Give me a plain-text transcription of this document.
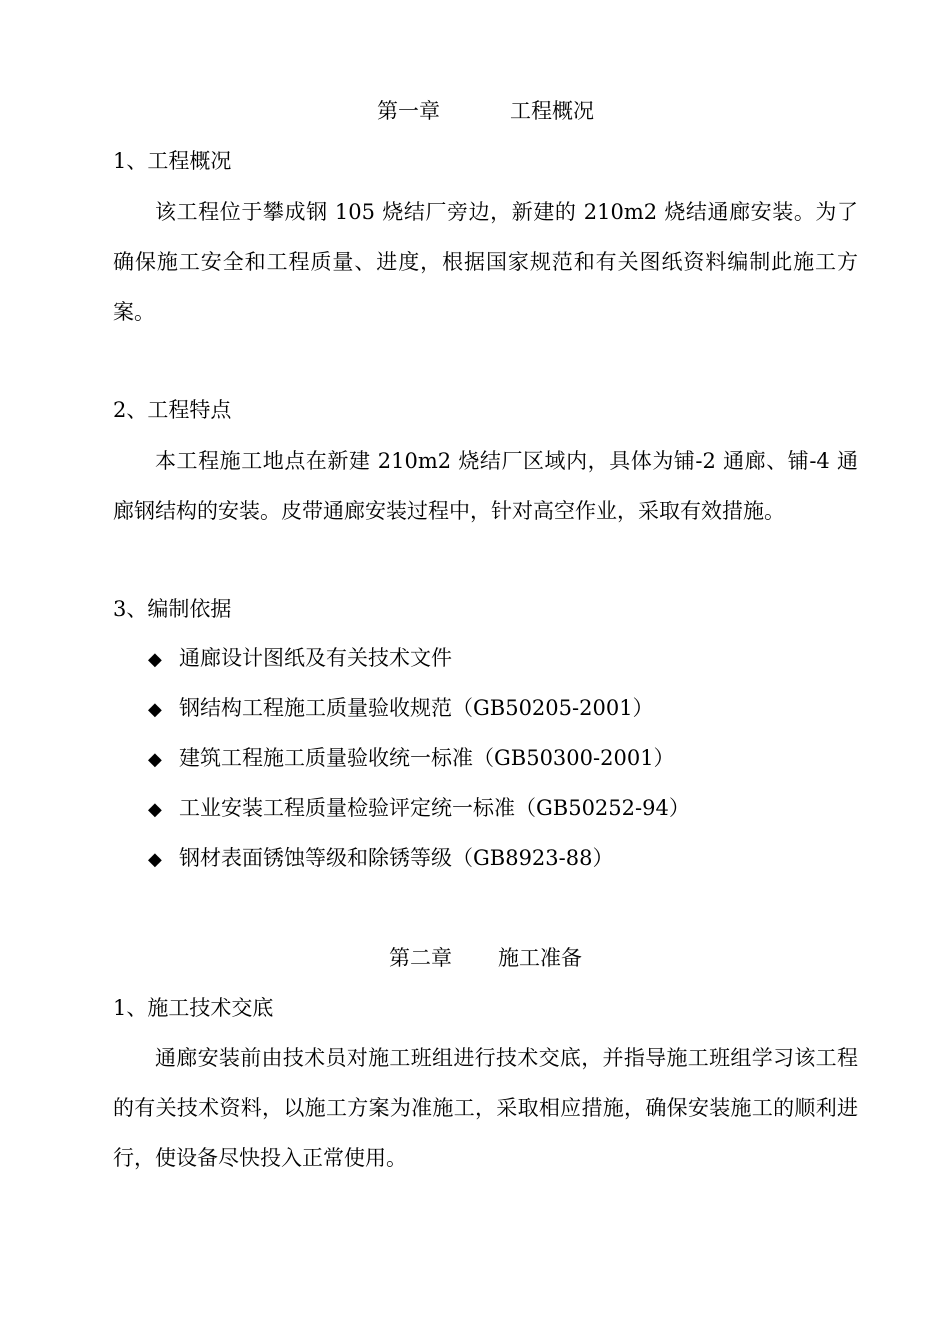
第一章	工程概况
1、工程概况

该工程位于攀成钢 105 烧结厂旁边，新建的 210m2 烧结通廊安装。为了确保施工安全和工程质量、进度，根据国家规范和有关图纸资料编制此施工方案。

2、工程特点

本工程施工地点在新建 210m2 烧结厂区域内，具体为铺-2 通廊、铺-4 通廊钢结构的安装。皮带通廊安装过程中，针对高空作业，采取有效措施。

3、编制依据
◆ 通廊设计图纸及有关技术文件
◆ 钢结构工程施工质量验收规范（GB50205-2001）
◆ 建筑工程施工质量验收统一标准（GB50300-2001）
◆ 工业安装工程质量检验评定统一标准（GB50252-94）
◆ 钢材表面锈蚀等级和除锈等级（GB8923-88）
第二章 施工准备
1、施工技术交底

通廊安装前由技术员对施工班组进行技术交底，并指导施工班组学习该工程的有关技术资料，以施工方案为准施工，采取相应措施，确保安装施工的顺利进行，使设备尽快投入正常使用。
